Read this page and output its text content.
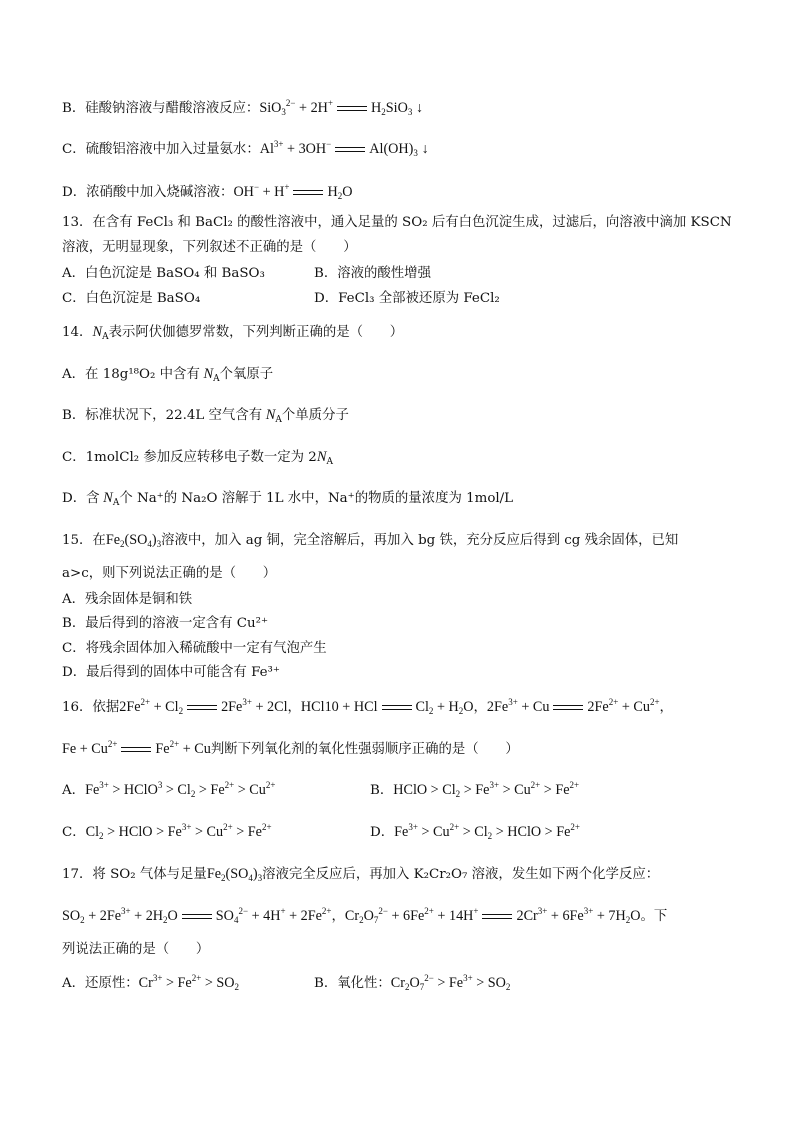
B．硅酸钠溶液与醋酸溶液反应：SiO$_3^{2-}$ + 2H+	$H_2SiO_3$ ↓
C．硫酸铝溶液中加入过量氨水：$Al^{3+} + 3OH^-$	$Al(OH)_3$ ↓
D．浓硝酸中加入烧碱溶液：OH− + H+	$H_2O$
13．在含有 FeCl₃ 和 BaCl₂ 的酸性溶液中，通入足量的 SO₂ 后有白色沉淀生成，过滤后，向溶液中滴加 KSCN
溶液，无明显现象，下列叙述不正确的是（　　）
A．白色沉淀是 BaSO₄ 和 BaSO₃	B．溶液的酸性增强
C．白色沉淀是 BaSO₄	D．FeCl₃ 全部被还原为 FeCl₂
14．$N_A$表示阿伏伽德罗常数，下列判断正确的是（　　）
A．在 18g¹⁸O₂ 中含有 $N_A$个氧原子
B．标准状况下，22.4L 空气含有 $N_A$个单质分子
C．1molCl₂ 参加反应转移电子数一定为 $2N_A$
D．含 $N_A$个 Na⁺的 Na₂O 溶解于 1L 水中，Na⁺的物质的量浓度为 1mol/L
15．在$Fe_2(SO_4)_3$溶液中，加入 ag 铜，完全溶解后，再加入 bg 铁，充分反应后得到 cg 残余固体，已知
a>c，则下列说法正确的是（　　）
A．残余固体是铜和铁
B．最后得到的溶液一定含有 Cu²⁺
C．将残余固体加入稀硫酸中一定有气泡产生
D．最后得到的固体中可能含有 Fe³⁺
16．依据$2Fe^{2+} + Cl_2$	$2Fe^{3+} + 2Cl$，HCl10 + HCl	$Cl_2 + H_2O$，$2Fe^{3+} + Cu$	$2Fe^{2+} + Cu^{2+}$，
$Fe + Cu^{2+}$	$Fe^{2+} + Cu$判断下列氧化剂的氧化性强弱顺序正确的是（　　）
A．$Fe^{3+}$ > HClO$^3$ > $Cl_2 > Fe^{2+} > Cu^{2+}$	B．HClO > $Cl_2 > Fe^{3+} > Cu^{2+} > Fe^{2+}$
C．$Cl_2$ > HClO > $Fe^{3+} > Cu^{2+} > Fe^{2+}$	D．$Fe^{3+} > Cu^{2+} > Cl_2$ > HClO > $Fe^{2+}$
17．将 SO₂ 气体与足量$Fe_2(SO_4)_3$溶液完全反应后，再加入 K₂Cr₂O₇ 溶液，发生如下两个化学反应：
$SO_2 + 2Fe^{3+} + 2H_2O$	$SO_4^{2-} + 4H^+ + 2Fe^{2+}$，$Cr_2O_7^{2-} + 6Fe^{2+} + 14H^+$	$2Cr^{3+} + 6Fe^{3+} + 7H_2O$。下
列说法正确的是（　　）
A．还原性：$Cr^{3+} > Fe^{2+} > SO_2$	B．氧化性：$Cr_2O_7^{2-} > Fe^{3+} > SO_2$
